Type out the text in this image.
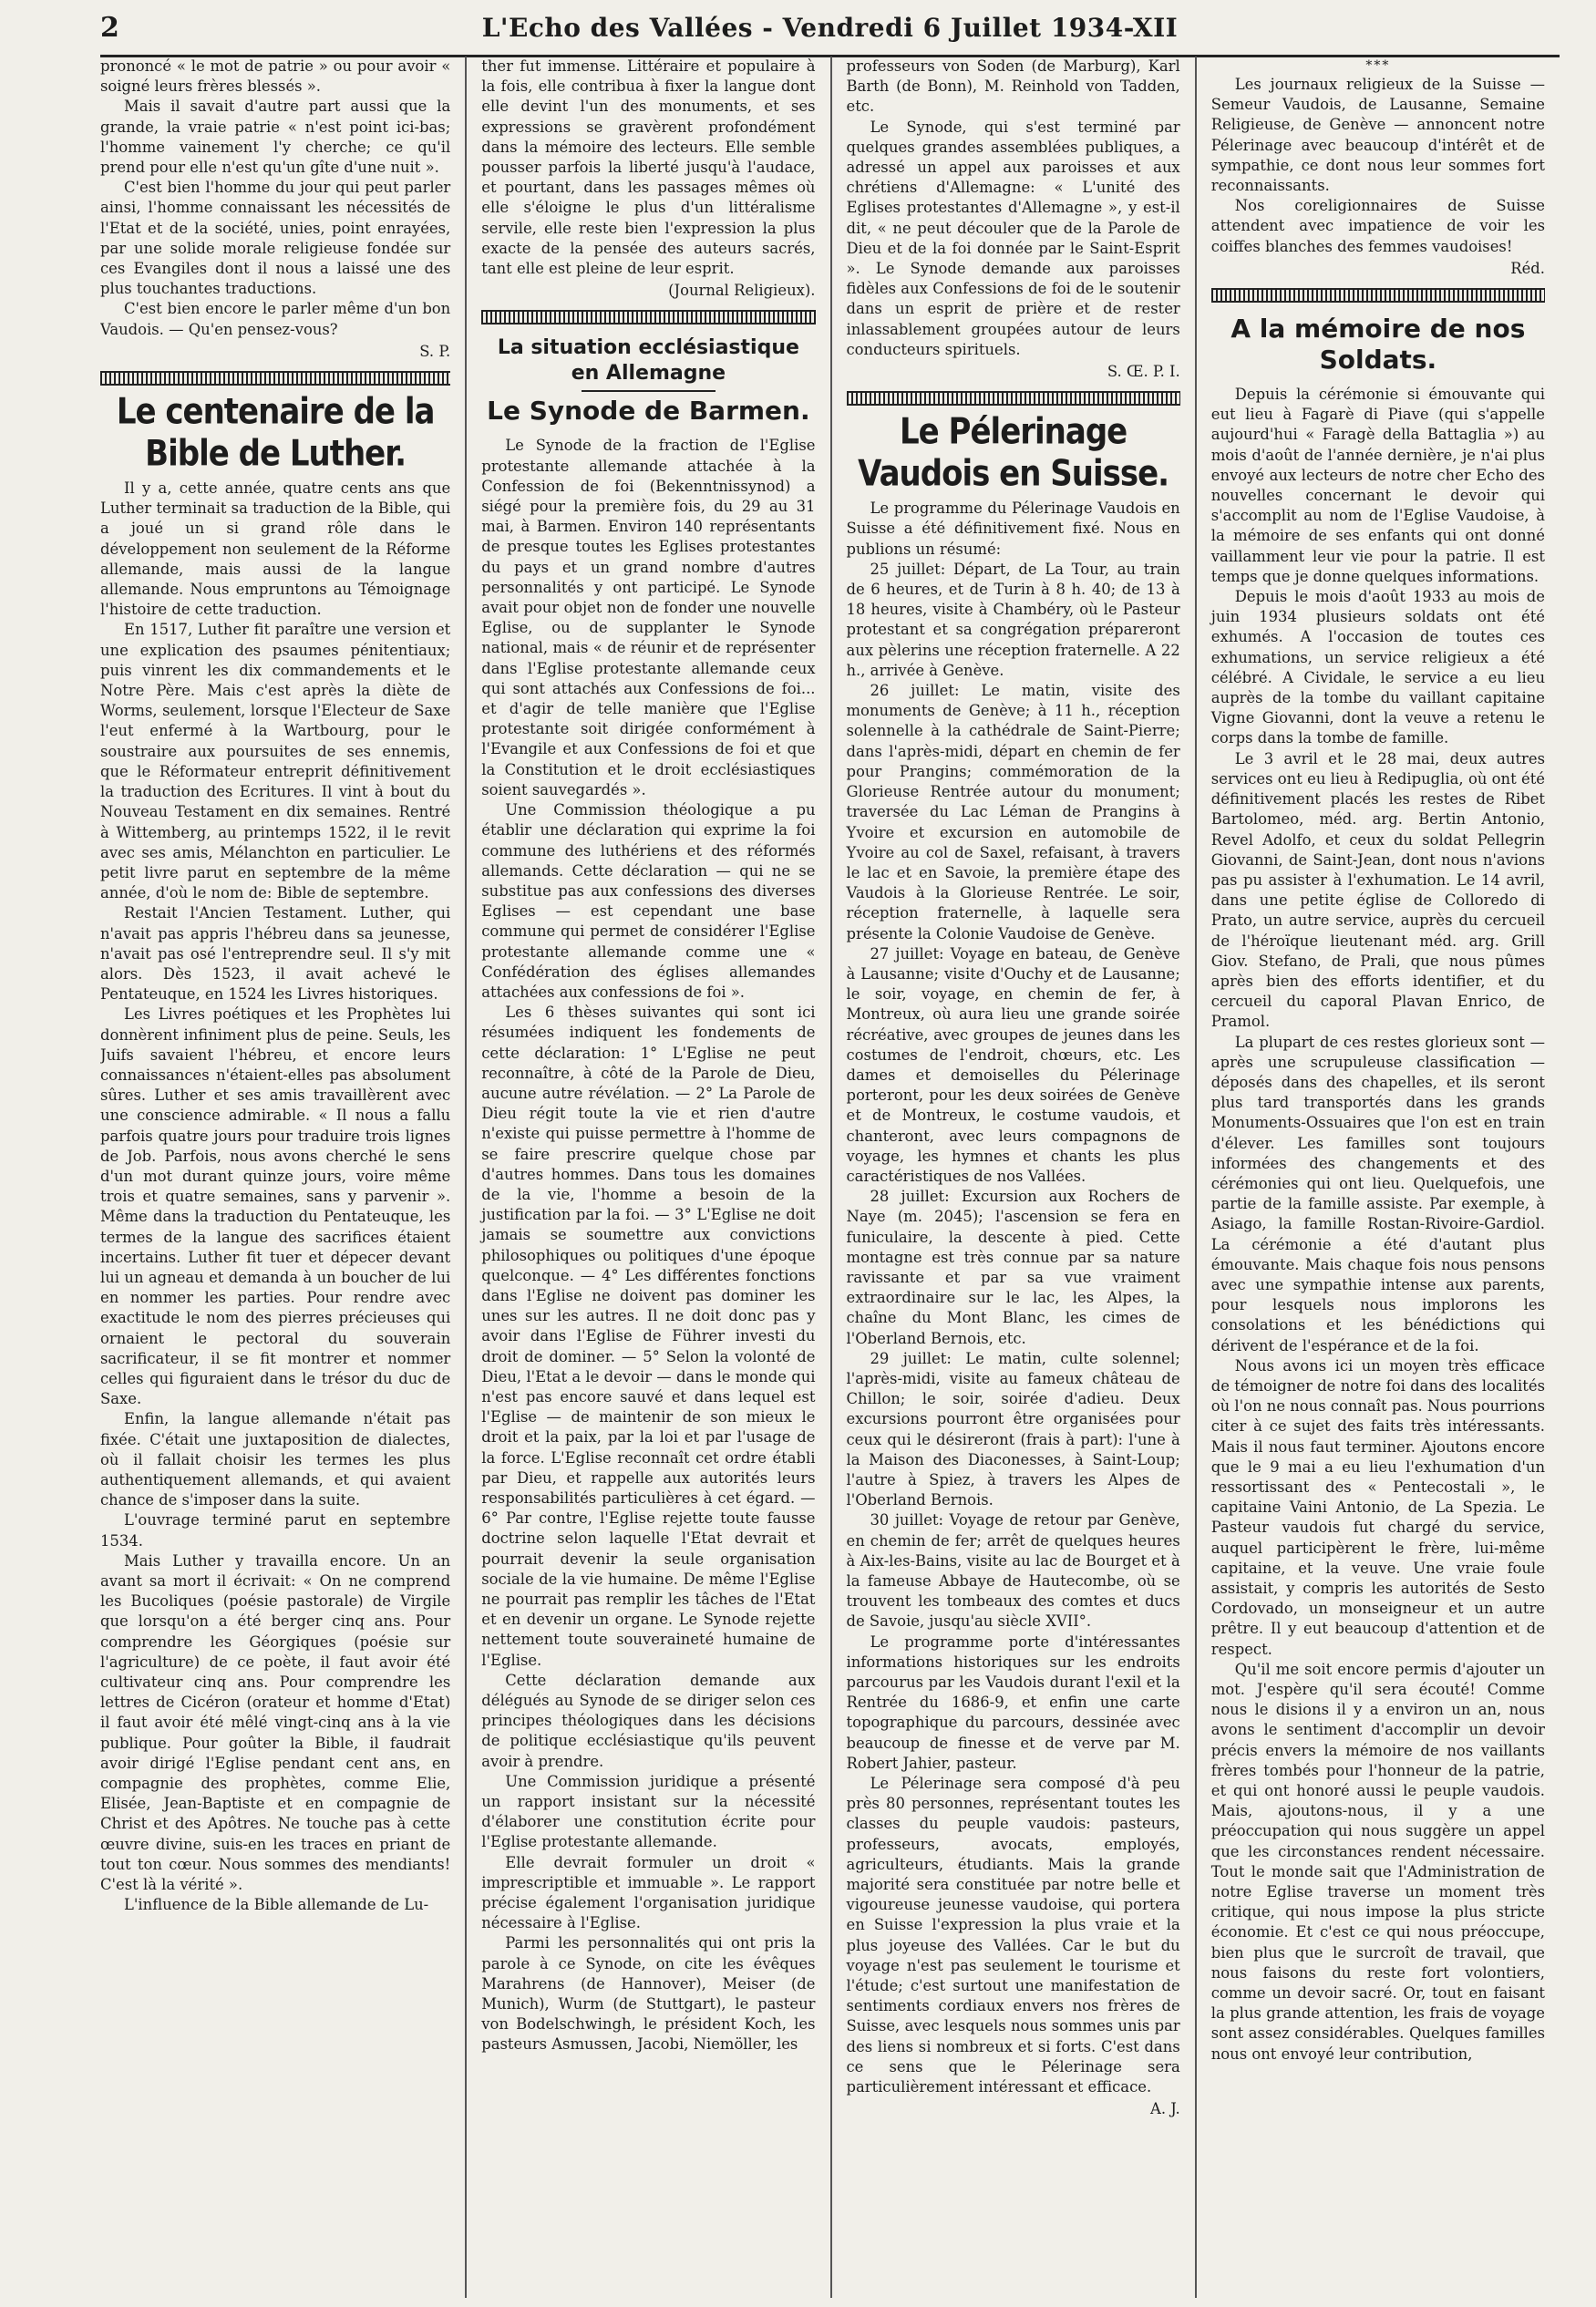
2	L'Echo des Vallées - Vendredi 6 Juillet 1934-XII

prononcé « le mot de patrie » ou pour avoir « soigné leurs frères blessés ».

Mais il savait d'autre part aussi que la grande, la vraie patrie « n'est point ici-bas; l'homme vainement l'y cherche; ce qu'il prend pour elle n'est qu'un gîte d'une nuit ».

C'est bien l'homme du jour qui peut parler ainsi, l'homme connaissant les nécessités de l'Etat et de la société, unies, point enrayées, par une solide morale religieuse fondée sur ces Evangiles dont il nous a laissé une des plus touchantes traductions.

C'est bien encore le parler même d'un bon Vaudois. — Qu'en pensez-vous?

S. P.
Le centenaire de la Bible de Luther.

Il y a, cette année, quatre cents ans que Luther terminait sa traduction de la Bible, qui a joué un si grand rôle dans le développement non seulement de la Réforme allemande, mais aussi de la langue allemande. Nous empruntons au Témoignage l'histoire de cette traduction.

En 1517, Luther fit paraître une version et une explication des psaumes pénitentiaux; puis vinrent les dix commandements et le Notre Père. Mais c'est après la diète de Worms, seulement, lorsque l'Electeur de Saxe l'eut enfermé à la Wartbourg, pour le soustraire aux poursuites de ses ennemis, que le Réformateur entreprit définitivement la traduction des Ecritures. Il vint à bout du Nouveau Testament en dix semaines. Rentré à Wittemberg, au printemps 1522, il le revit avec ses amis, Mélanchton en particulier. Le petit livre parut en septembre de la même année, d'où le nom de: Bible de septembre.

Restait l'Ancien Testament. Luther, qui n'avait pas appris l'hébreu dans sa jeunesse, n'avait pas osé l'entreprendre seul. Il s'y mit alors. Dès 1523, il avait achevé le Pentateuque, en 1524 les Livres historiques.

Les Livres poétiques et les Prophètes lui donnèrent infiniment plus de peine. Seuls, les Juifs savaient l'hébreu, et encore leurs connaissances n'étaient-elles pas absolument sûres. Luther et ses amis travaillèrent avec une conscience admirable. « Il nous a fallu parfois quatre jours pour traduire trois lignes de Job. Parfois, nous avons cherché le sens d'un mot durant quinze jours, voire même trois et quatre semaines, sans y parvenir ». Même dans la traduction du Pentateuque, les termes de la langue des sacrifices étaient incertains. Luther fit tuer et dépecer devant lui un agneau et demanda à un boucher de lui en nommer les parties. Pour rendre avec exactitude le nom des pierres précieuses qui ornaient le pectoral du souverain sacrificateur, il se fit montrer et nommer celles qui figuraient dans le trésor du duc de Saxe.

Enfin, la langue allemande n'était pas fixée. C'était une juxtaposition de dialectes, où il fallait choisir les termes les plus authentiquement allemands, et qui avaient chance de s'imposer dans la suite.

L'ouvrage terminé parut en septembre 1534.

Mais Luther y travailla encore. Un an avant sa mort il écrivait: « On ne comprend les Bucoliques (poésie pastorale) de Virgile que lorsqu'on a été berger cinq ans. Pour comprendre les Géorgiques (poésie sur l'agriculture) de ce poète, il faut avoir été cultivateur cinq ans. Pour comprendre les lettres de Cicéron (orateur et homme d'Etat) il faut avoir été mêlé vingt-cinq ans à la vie publique. Pour goûter la Bible, il faudrait avoir dirigé l'Eglise pendant cent ans, en compagnie des prophètes, comme Elie, Elisée, Jean-Baptiste et en compagnie de Christ et des Apôtres. Ne touche pas à cette œuvre divine, suis-en les traces en priant de tout ton cœur. Nous sommes des mendiants! C'est là la vérité ».

L'influence de la Bible allemande de Lu-

ther fut immense. Littéraire et populaire à la fois, elle contribua à fixer la langue dont elle devint l'un des monuments, et ses expressions se gravèrent profondément dans la mémoire des lecteurs. Elle semble pousser parfois la liberté jusqu'à l'audace, et pourtant, dans les passages mêmes où elle s'éloigne le plus d'un littéralisme servile, elle reste bien l'expression la plus exacte de la pensée des auteurs sacrés, tant elle est pleine de leur esprit.

(Journal Religieux).
La situation ecclésiastique en Allemagne
Le Synode de Barmen.

Le Synode de la fraction de l'Eglise protestante allemande attachée à la Confession de foi (Bekenntnissynod) a siégé pour la première fois, du 29 au 31 mai, à Barmen. Environ 140 représentants de presque toutes les Eglises protestantes du pays et un grand nombre d'autres personnalités y ont participé. Le Synode avait pour objet non de fonder une nouvelle Eglise, ou de supplanter le Synode national, mais « de réunir et de représenter dans l'Eglise protestante allemande ceux qui sont attachés aux Confessions de foi... et d'agir de telle manière que l'Eglise protestante soit dirigée conformément à l'Evangile et aux Confessions de foi et que la Constitution et le droit ecclésiastiques soient sauvegardés ».

Une Commission théologique a pu établir une déclaration qui exprime la foi commune des luthériens et des réformés allemands. Cette déclaration — qui ne se substitue pas aux confessions des diverses Eglises — est cependant une base commune qui permet de considérer l'Eglise protestante allemande comme une « Confédération des églises allemandes attachées aux confessions de foi ».

Les 6 thèses suivantes qui sont ici résumées indiquent les fondements de cette déclaration: 1° L'Eglise ne peut reconnaître, à côté de la Parole de Dieu, aucune autre révélation. — 2° La Parole de Dieu régit toute la vie et rien d'autre n'existe qui puisse permettre à l'homme de se faire prescrire quelque chose par d'autres hommes. Dans tous les domaines de la vie, l'homme a besoin de la justification par la foi. — 3° L'Eglise ne doit jamais se soumettre aux convictions philosophiques ou politiques d'une époque quelconque. — 4° Les différentes fonctions dans l'Eglise ne doivent pas dominer les unes sur les autres. Il ne doit donc pas y avoir dans l'Eglise de Führer investi du droit de dominer. — 5° Selon la volonté de Dieu, l'Etat a le devoir — dans le monde qui n'est pas encore sauvé et dans lequel est l'Eglise — de maintenir de son mieux le droit et la paix, par la loi et par l'usage de la force. L'Eglise reconnaît cet ordre établi par Dieu, et rappelle aux autorités leurs responsabilités particulières à cet égard. — 6° Par contre, l'Eglise rejette toute fausse doctrine selon laquelle l'Etat devrait et pourrait devenir la seule organisation sociale de la vie humaine. De même l'Eglise ne pourrait pas remplir les tâches de l'Etat et en devenir un organe. Le Synode rejette nettement toute souveraineté humaine de l'Eglise.

Cette déclaration demande aux délégués au Synode de se diriger selon ces principes théologiques dans les décisions de politique ecclésiastique qu'ils peuvent avoir à prendre.

Une Commission juridique a présenté un rapport insistant sur la nécessité d'élaborer une constitution écrite pour l'Eglise protestante allemande.

Elle devrait formuler un droit « imprescriptible et immuable ». Le rapport précise également l'organisation juridique nécessaire à l'Eglise.

Parmi les personnalités qui ont pris la parole à ce Synode, on cite les évêques Marahrens (de Hannover), Meiser (de Munich), Wurm (de Stuttgart), le pasteur von Bodelschwingh, le président Koch, les pasteurs Asmussen, Jacobi, Niemöller, les

professeurs von Soden (de Marburg), Karl Barth (de Bonn), M. Reinhold von Tadden, etc.

Le Synode, qui s'est terminé par quelques grandes assemblées publiques, a adressé un appel aux paroisses et aux chrétiens d'Allemagne: « L'unité des Eglises protestantes d'Allemagne », y est-il dit, « ne peut découler que de la Parole de Dieu et de la foi donnée par le Saint-Esprit ». Le Synode demande aux paroisses fidèles aux Confessions de foi de le soutenir dans un esprit de prière et de rester inlassablement groupées autour de leurs conducteurs spirituels.

S. Œ. P. I.
Le Pélerinage Vaudois en Suisse.

Le programme du Pélerinage Vaudois en Suisse a été définitivement fixé. Nous en publions un résumé:

25 juillet: Départ, de La Tour, au train de 6 heures, et de Turin à 8 h. 40; de 13 à 18 heures, visite à Chambéry, où le Pasteur protestant et sa congrégation prépareront aux pèlerins une réception fraternelle. A 22 h., arrivée à Genève.

26 juillet: Le matin, visite des monuments de Genève; à 11 h., réception solennelle à la cathédrale de Saint-Pierre; dans l'après-midi, départ en chemin de fer pour Prangins; commémoration de la Glorieuse Rentrée autour du monument; traversée du Lac Léman de Prangins à Yvoire et excursion en automobile de Yvoire au col de Saxel, refaisant, à travers le lac et en Savoie, la première étape des Vaudois à la Glorieuse Rentrée. Le soir, réception fraternelle, à laquelle sera présente la Colonie Vaudoise de Genève.

27 juillet: Voyage en bateau, de Genève à Lausanne; visite d'Ouchy et de Lausanne; le soir, voyage, en chemin de fer, à Montreux, où aura lieu une grande soirée récréative, avec groupes de jeunes dans les costumes de l'endroit, chœurs, etc. Les dames et demoiselles du Pélerinage porteront, pour les deux soirées de Genève et de Montreux, le costume vaudois, et chanteront, avec leurs compagnons de voyage, les hymnes et chants les plus caractéristiques de nos Vallées.

28 juillet: Excursion aux Rochers de Naye (m. 2045); l'ascension se fera en funiculaire, la descente à pied. Cette montagne est très connue par sa nature ravissante et par sa vue vraiment extraordinaire sur le lac, les Alpes, la chaîne du Mont Blanc, les cimes de l'Oberland Bernois, etc.

29 juillet: Le matin, culte solennel; l'après-midi, visite au fameux château de Chillon; le soir, soirée d'adieu. Deux excursions pourront être organisées pour ceux qui le désireront (frais à part): l'une à la Maison des Diaconesses, à Saint-Loup; l'autre à Spiez, à travers les Alpes de l'Oberland Bernois.

30 juillet: Voyage de retour par Genève, en chemin de fer; arrêt de quelques heures à Aix-les-Bains, visite au lac de Bourget et à la fameuse Abbaye de Hautecombe, où se trouvent les tombeaux des comtes et ducs de Savoie, jusqu'au siècle XVII°.

Le programme porte d'intéressantes informations historiques sur les endroits parcourus par les Vaudois durant l'exil et la Rentrée du 1686-9, et enfin une carte topographique du parcours, dessinée avec beaucoup de finesse et de verve par M. Robert Jahier, pasteur.

Le Pélerinage sera composé d'à peu près 80 personnes, représentant toutes les classes du peuple vaudois: pasteurs, professeurs, avocats, employés, agriculteurs, étudiants. Mais la grande majorité sera constituée par notre belle et vigoureuse jeunesse vaudoise, qui portera en Suisse l'expression la plus vraie et la plus joyeuse des Vallées. Car le but du voyage n'est pas seulement le tourisme et l'étude; c'est surtout une manifestation de sentiments cordiaux envers nos frères de Suisse, avec lesquels nous sommes unis par des liens si nombreux et si forts. C'est dans ce sens que le Pélerinage sera particulièrement intéressant et efficace.

A. J.
***

Les journaux religieux de la Suisse — Semeur Vaudois, de Lausanne, Semaine Religieuse, de Genève — annoncent notre Pélerinage avec beaucoup d'intérêt et de sympathie, ce dont nous leur sommes fort reconnaissants.

Nos coreligionnaires de Suisse attendent avec impatience de voir les coiffes blanches des femmes vaudoises!

Réd.
A la mémoire de nos Soldats.

Depuis la cérémonie si émouvante qui eut lieu à Fagarè di Piave (qui s'appelle aujourd'hui « Faragè della Battaglia ») au mois d'août de l'année dernière, je n'ai plus envoyé aux lecteurs de notre cher Echo des nouvelles concernant le devoir qui s'accomplit au nom de l'Eglise Vaudoise, à la mémoire de ses enfants qui ont donné vaillamment leur vie pour la patrie. Il est temps que je donne quelques informations.

Depuis le mois d'août 1933 au mois de juin 1934 plusieurs soldats ont été exhumés. A l'occasion de toutes ces exhumations, un service religieux a été célébré. A Cividale, le service a eu lieu auprès de la tombe du vaillant capitaine Vigne Giovanni, dont la veuve a retenu le corps dans la tombe de famille.

Le 3 avril et le 28 mai, deux autres services ont eu lieu à Redipuglia, où ont été définitivement placés les restes de Ribet Bartolomeo, méd. arg. Bertin Antonio, Revel Adolfo, et ceux du soldat Pellegrin Giovanni, de Saint-Jean, dont nous n'avions pas pu assister à l'exhumation. Le 14 avril, dans une petite église de Colloredo di Prato, un autre service, auprès du cercueil de l'héroïque lieutenant méd. arg. Grill Giov. Stefano, de Prali, que nous pûmes après bien des efforts identifier, et du cercueil du caporal Plavan Enrico, de Pramol.

La plupart de ces restes glorieux sont — après une scrupuleuse classification — déposés dans des chapelles, et ils seront plus tard transportés dans les grands Monuments-Ossuaires que l'on est en train d'élever. Les familles sont toujours informées des changements et des cérémonies qui ont lieu. Quelquefois, une partie de la famille assiste. Par exemple, à Asiago, la famille Rostan-Rivoire-Gardiol. La cérémonie a été d'autant plus émouvante. Mais chaque fois nous pensons avec une sympathie intense aux parents, pour lesquels nous implorons les consolations et les bénédictions qui dérivent de l'espérance et de la foi.

Nous avons ici un moyen très efficace de témoigner de notre foi dans des localités où l'on ne nous connaît pas. Nous pourrions citer à ce sujet des faits très intéressants. Mais il nous faut terminer. Ajoutons encore que le 9 mai a eu lieu l'exhumation d'un ressortissant des « Pentecostali », le capitaine Vaini Antonio, de La Spezia. Le Pasteur vaudois fut chargé du service, auquel participèrent le frère, lui-même capitaine, et la veuve. Une vraie foule assistait, y compris les autorités de Sesto Cordovado, un monseigneur et un autre prêtre. Il y eut beaucoup d'attention et de respect.

Qu'il me soit encore permis d'ajouter un mot. J'espère qu'il sera écouté! Comme nous le disions il y a environ un an, nous avons le sentiment d'accomplir un devoir précis envers la mémoire de nos vaillants frères tombés pour l'honneur de la patrie, et qui ont honoré aussi le peuple vaudois. Mais, ajoutons-nous, il y a une préoccupation qui nous suggère un appel que les circonstances rendent nécessaire. Tout le monde sait que l'Administration de notre Eglise traverse un moment très critique, qui nous impose la plus stricte économie. Et c'est ce qui nous préoccupe, bien plus que le surcroît de travail, que nous faisons du reste fort volontiers, comme un devoir sacré. Or, tout en faisant la plus grande attention, les frais de voyage sont assez considérables. Quelques familles nous ont envoyé leur contribution,
